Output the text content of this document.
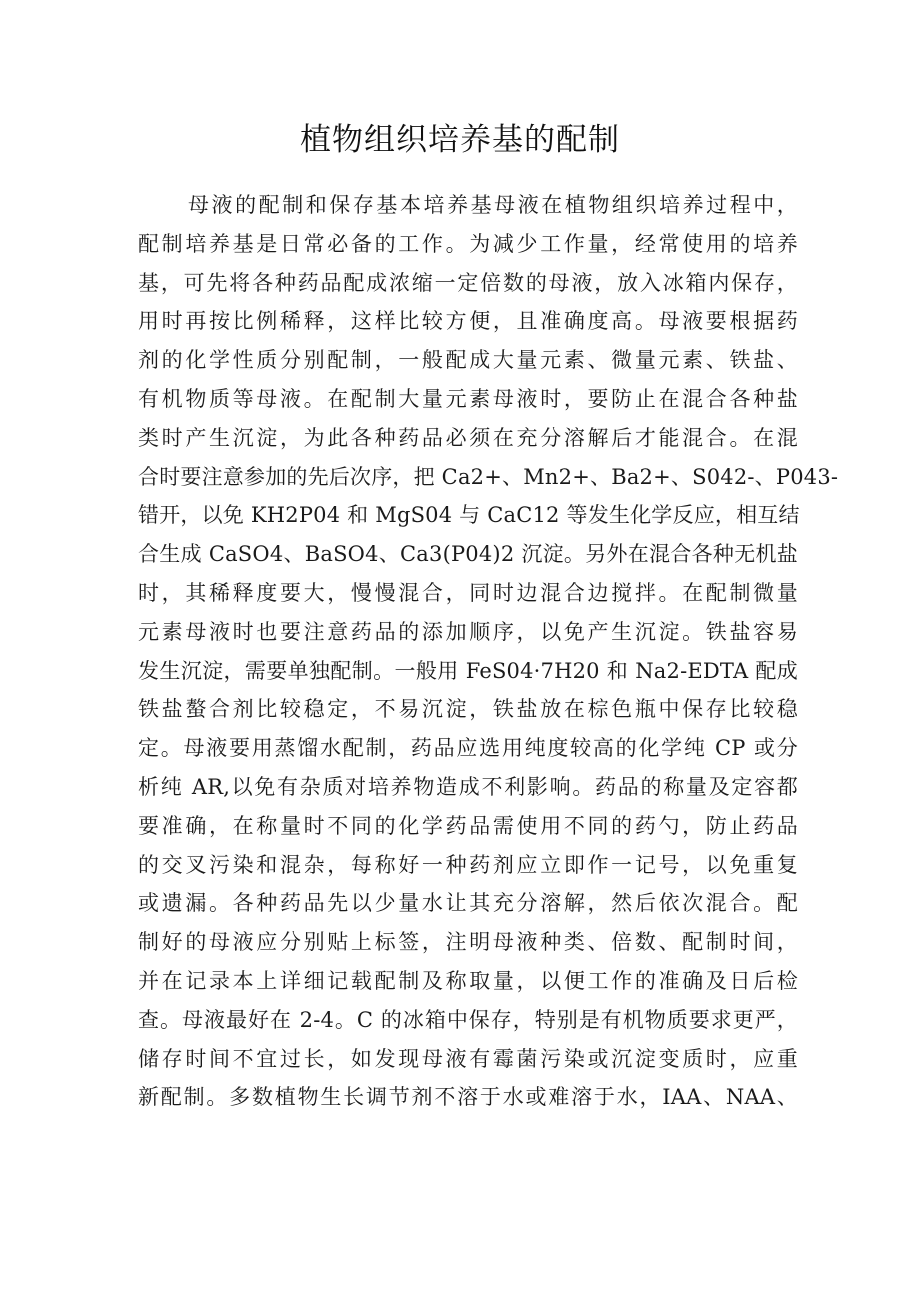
植物组织培养基的配制
母液的配制和保存基本培养基母液在植物组织培养过程中，
配制培养基是日常必备的工作。为减少工作量，经常使用的培养
基，可先将各种药品配成浓缩一定倍数的母液，放入冰箱内保存，
用时再按比例稀释，这样比较方便，且准确度高。母液要根据药
剂的化学性质分别配制，一般配成大量元素、微量元素、铁盐、
有机物质等母液。在配制大量元素母液时，要防止在混合各种盐
类时产生沉淀，为此各种药品必须在充分溶解后才能混合。在混
合时要注意参加的先后次序，把 Ca2+、Mn2+、Ba2+、S042-、P043-
错开，以免 KH2P04 和 MgS04 与 CaC12 等发生化学反应，相互结
合生成 CaSO4、BaSO4、Ca3(P04)2 沉淀。另外在混合各种无机盐
时，其稀释度要大，慢慢混合，同时边混合边搅拌。在配制微量
元素母液时也要注意药品的添加顺序，以免产生沉淀。铁盐容易
发生沉淀，需要单独配制。一般用 FeS04·7H20 和 Na2-EDTA 配成
铁盐螯合剂比较稳定，不易沉淀，铁盐放在棕色瓶中保存比较稳
定。母液要用蒸馏水配制，药品应选用纯度较高的化学纯 CP 或分
析纯 AR,以免有杂质对培养物造成不利影响。药品的称量及定容都
要准确，在称量时不同的化学药品需使用不同的药勺，防止药品
的交叉污染和混杂，每称好一种药剂应立即作一记号，以免重复
或遗漏。各种药品先以少量水让其充分溶解，然后依次混合。配
制好的母液应分别贴上标签，注明母液种类、倍数、配制时间，
并在记录本上详细记载配制及称取量，以便工作的准确及日后检
查。母液最好在 2-4。C 的冰箱中保存，特别是有机物质要求更严，
储存时间不宜过长，如发现母液有霉菌污染或沉淀变质时，应重
新配制。多数植物生长调节剂不溶于水或难溶于水，IAA、NAA、
